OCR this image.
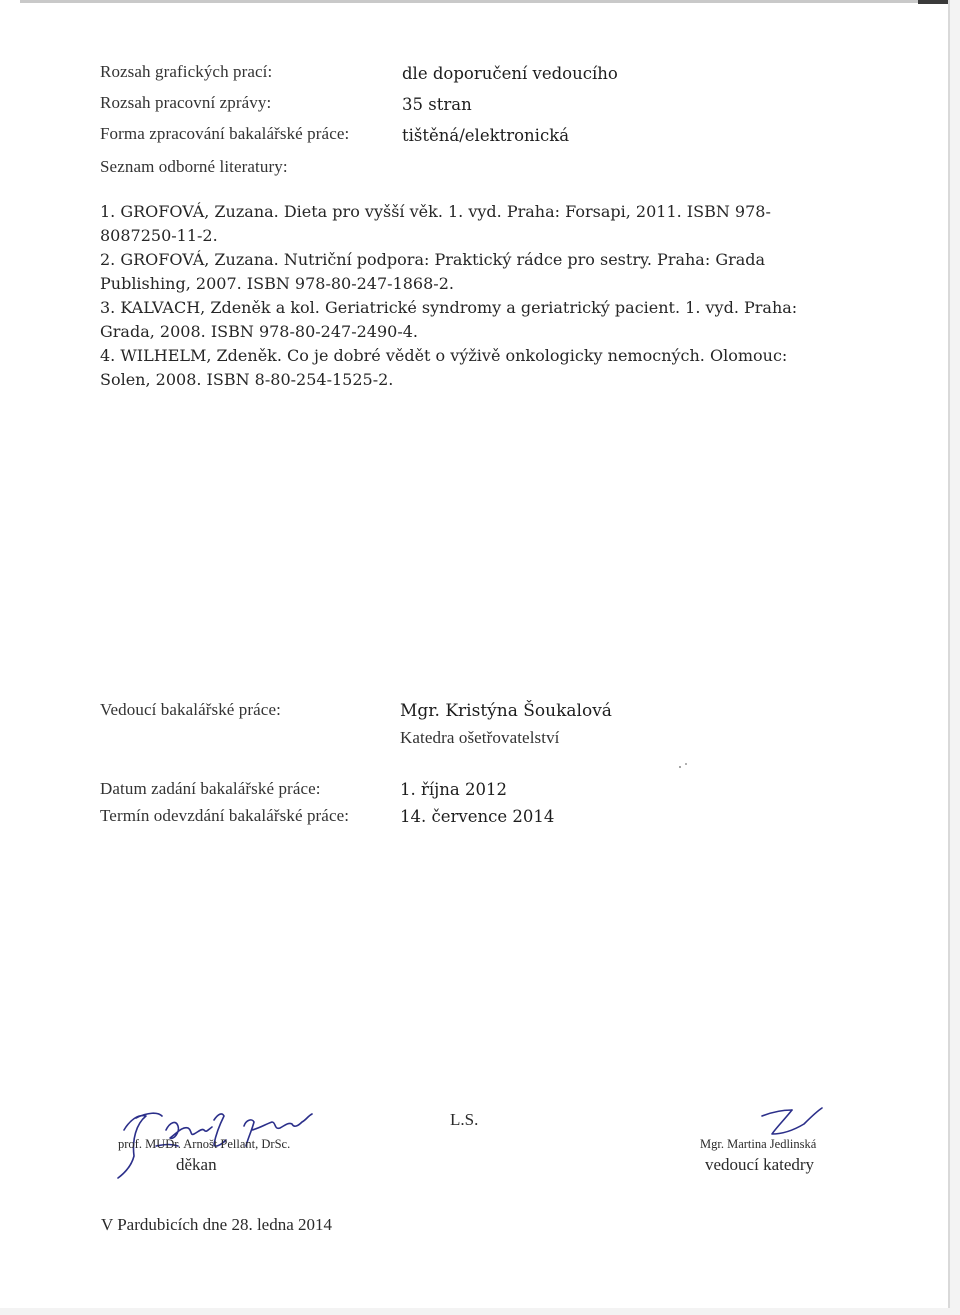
Rozsah grafických prací:	dle doporučení vedoucího
Rozsah pracovní zprávy:	35 stran
Forma zpracování bakalářské práce:	tištěná/elektronická
Seznam odborné literatury:
1. GROFOVÁ, Zuzana. Dieta pro vyšší věk. 1. vyd. Praha: Forsapi, 2011. ISBN 978-8087250-11-2.
2. GROFOVÁ, Zuzana. Nutriční podpora: Praktický rádce pro sestry. Praha: Grada Publishing, 2007. ISBN 978-80-247-1868-2.
3. KALVACH, Zdeněk a kol. Geriatrické syndromy a geriatrický pacient. 1. vyd. Praha: Grada, 2008. ISBN 978-80-247-2490-4.
4. WILHELM, Zdeněk. Co je dobré vědět o výživě onkologicky nemocných. Olomouc: Solen, 2008. ISBN 8-80-254-1525-2.
Vedoucí bakalářské práce:	Mgr. Kristýna Šoukalová
Katedra ošetřovatelství
Datum zadání bakalářské práce:	1. října 2012
Termín odevzdání bakalářské práce:	14. července 2014
prof. MUDr. Arnošt Pellant, DrSc.
děkan
L.S.
Mgr. Martina Jedlinská
vedoucí katedry
V Pardubicích dne 28. ledna 2014
